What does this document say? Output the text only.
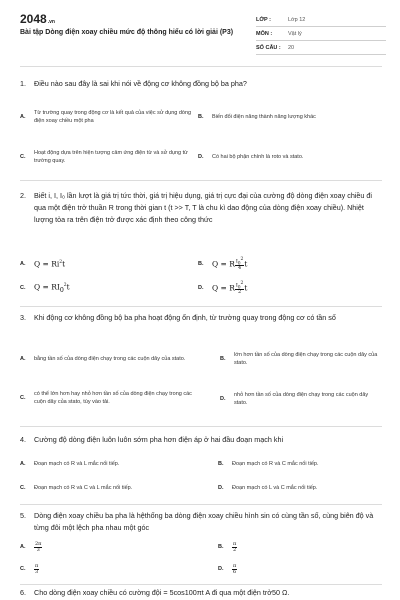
2048.vn
Bài tập Dòng điện xoay chiều mức độ thông hiểu có lời giải (P3)
LỚP :	Lớp 12
MÔN :	Vật lý
SỐ CÂU :	20
1.	Điều nào sau đây là sai khi nói về động cơ không đồng bộ ba pha?
A.
Từ trường quay trong động cơ là kết quả của việc sử dụng dòng điện xoay chiều một pha
B.	Biến đổi điện năng thành năng lượng khác
C.
Hoạt động dựa trên hiện tượng cảm ứng điện từ và sử dụng từ trường quay.
D.	Có hai bộ phận chính là roto và stato.
2.	Biết i, I, I₀ lần lượt là giá trị tức thời, giá trị hiệu dụng, giá trị cực đại của cường độ dòng điện xoay chiều đi qua một điện trở thuần R trong thời gian t (t >> T, T là chu kì dao động của dòng điện xoay chiều). Nhiệt lượng tỏa ra trên điện trở được xác định theo công thức
A.	$Q = Ri^2t$	B.	Q = R $\frac{I_0^2}{4}$ t
C.	$Q = RI_0^2t$	D.	Q = R $\frac{I_0^2}{2}$ t
3.	Khi động cơ không đồng bộ ba pha hoạt động ổn định, từ trường quay trong động cơ có tần số
A.	bằng tần số của dòng điện chạy trong các cuộn dây của stato.	B.
lớn hơn tần số của dòng điện chạy trong các cuộn dây của stato.
C.
có thể lớn hơn hay nhỏ hơn tần số của dòng điện chạy trong các cuộn dây của stato, tùy vào tải.	D.
nhỏ hơn tần số của dòng điện chạy trong các cuộn dây stato.
4.	Cường độ dòng điện luôn luôn sớm pha hơn điện áp ở hai đầu đoạn mạch khi
A.	Đoạn mạch có R và L mắc nối tiếp.	B.	Đoạn mạch có R và C mắc nối tiếp.
C.	Đoạn mạch có R và C và L mắc nối tiếp.	D.	Đoạn mạch có L và C mắc nối tiếp.
5.	Dòng điện xoay chiều ba pha là hệthống ba dòng điện xoay chiều hình sin có cùng tần số, cùng biên độ và từng đôi một lệch pha nhau một góc
A.	$\frac{2\pi}{3}$	B.	$\frac{\pi}{2}$
C.	$\frac{\pi}{3}$	D.	$\frac{\pi}{6}$
6.	Cho dòng điện xoay chiều có cường đội = 5cos100πt A đi qua một điện trở50 Ω.
